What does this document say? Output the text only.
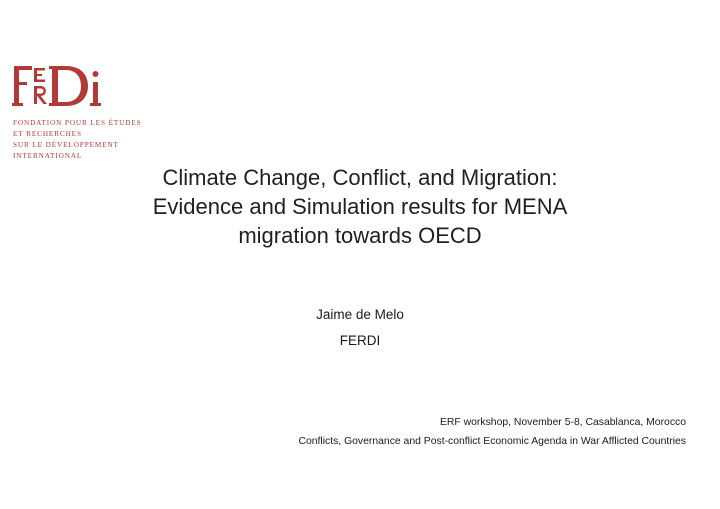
FONDATION POUR LES ÉTUDES
ET RECHERCHES
SUR LE DÉVELOPPEMENT
INTERNATIONAL
Climate Change, Conflict, and Migration:
Evidence and Simulation results for MENA
migration towards OECD
Jaime de Melo
FERDI
ERF workshop, November 5-8, Casablanca, Morocco
Conflicts, Governance and Post-conflict Economic Agenda in War Afflicted Countries
